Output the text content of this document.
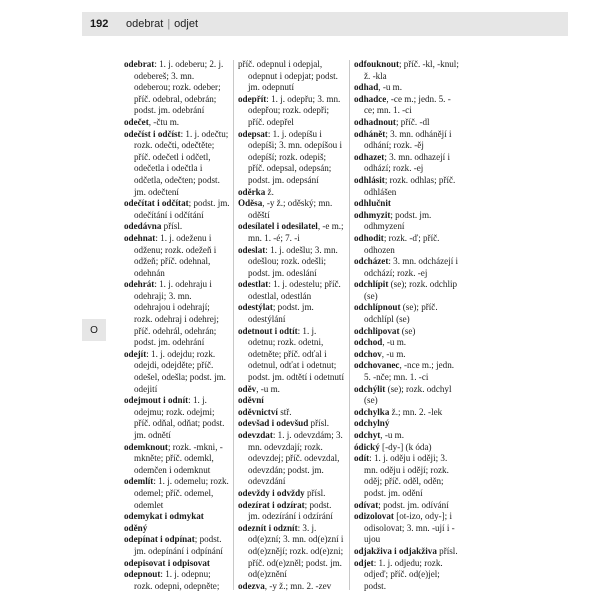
192	odebrat | odjet
O

odebrat: 1. j. odeberu; 2. j. odebereš; 3. mn. odeberou; rozk. odeber; příč. odebral, odebrán; podst. jm. odebrání

odečet, -čtu m.

odečíst i odčíst: 1. j. odečtu; rozk. odečti, odečtěte; příč. odečetl i odčetl, odečetla i odečtla i odčetla, odečten; podst. jm. odečtení

odečítat i odčítat; podst. jm. odečítání i odčítání

odedávna přísl.

odehnat: 1. j. odeženu i odženu; rozk. odežeň i odžeň; příč. odehnal, odehnán

odehrát: 1. j. odehraju i odehraji; 3. mn. odehrajou i odehrají; rozk. odehraj i odehrej; příč. odehrál, odehrán; podst. jm. odehrání

odejít: 1. j. odejdu; rozk. odejdi, odejděte; příč. odešel, odešla; podst. jm. odejití

odejmout i odnít: 1. j. odejmu; rozk. odejmi; příč. odňal, odňat; podst. jm. odnětí

odemknout; rozk. -mkni, -mkněte; příč. odemkl, odemčen i odemknut

odemlít: 1. j. odemelu; rozk. odemel; příč. odemel, odemlet

odemykat i odmykat

oděný

odepínat i odpínat; podst. jm. odepínání i odpínání

odepisovat i odpisovat

odepnout: 1. j. odepnu; rozk. odepni, odepněte;

příč. odepnul i odepjal, odepnut i odepjat; podst. jm. odepnutí

odepřít: 1. j. odepřu; 3. mn. odepřou; rozk. odepři; příč. odepřel

odepsat: 1. j. odepíšu i odepíši; 3. mn. odepíšou i odepíší; rozk. odepiš; příč. odepsal, odepsán; podst. jm. odepsání

oděrka ž.

Oděsa, -y ž.; oděský; mn. oděští

odesílatel i odesilatel, -e m.; mn. 1. -é; 7. -i

odeslat: 1. j. odešlu; 3. mn. odešlou; rozk. odešli; podst. jm. odeslání

odestlat: 1. j. odestelu; příč. odestlal, odestlán

odestýlat; podst. jm. odestýlání

odetnout i odtít: 1. j. odetnu; rozk. odetni, odetněte; příč. odťal i odetnul, odťat i odetnut; podst. jm. odtětí i odetnutí

oděv, -u m.

oděvní

oděvnictví stř.

odevšad i odevšud přísl.

odevzdat: 1. j. odevzdám; 3. mn. odevzdají; rozk. odevzdej; příč. odevzdal, odevzdán; podst. jm. odevzdání

odevždy i odvždy přísl.

odezírat i odzírat; podst. jm. odezírání i odzírání

odeznít i odznít: 3. j. od(e)zní; 3. mn. od(e)zní i od(e)znějí; rozk. od(e)zni; příč. od(e)zněl; podst. jm. od(e)znění

odezva, -y ž.; mn. 2. -zev

odfouknout; příč. -kl, -knul; ž. -kla

odhad, -u m.

odhadce, -ce m.; jedn. 5. -ce; mn. 1. -ci

odhadnout; příč. -dl

odhánět; 3. mn. odhánějí i odhání; rozk. -ěj

odhazet; 3. mn. odhazejí i odhází; rozk. -ej

odhlásit; rozk. odhlas; příč. odhlášen

odhlučnit

odhmyzit; podst. jm. odhmyzení

odhodit; rozk. -ď; příč. odhozen

odcházet: 3. mn. odcházejí i odchází; rozk. -ej

odchlípit (se); rozk. odchlip (se)

odchlípnout (se); příč. odchlípl (se)

odchlipovat (se)

odchod, -u m.

odchov, -u m.

odchovanec, -nce m.; jedn. 5. -nče; mn. 1. -ci

odchýlit (se); rozk. odchyl (se)

odchylka ž.; mn. 2. -lek

odchylný

odchyt, -u m.

ódický [-dy-] (k óda)

odít: 1. j. oděju i oději; 3. mn. oděju i odějí; rozk. oděj; příč. oděl, oděn; podst. jm. odění

odívat; podst. jm. odívání

odizolovat [ot-izo, ody-]; i odisolovat; 3. mn. -ují i -ujou

odjakživa i odjakživa přísl.

odjet: 1. j. odjedu; rozk. odjeď; příč. od(e)jel; podst.
